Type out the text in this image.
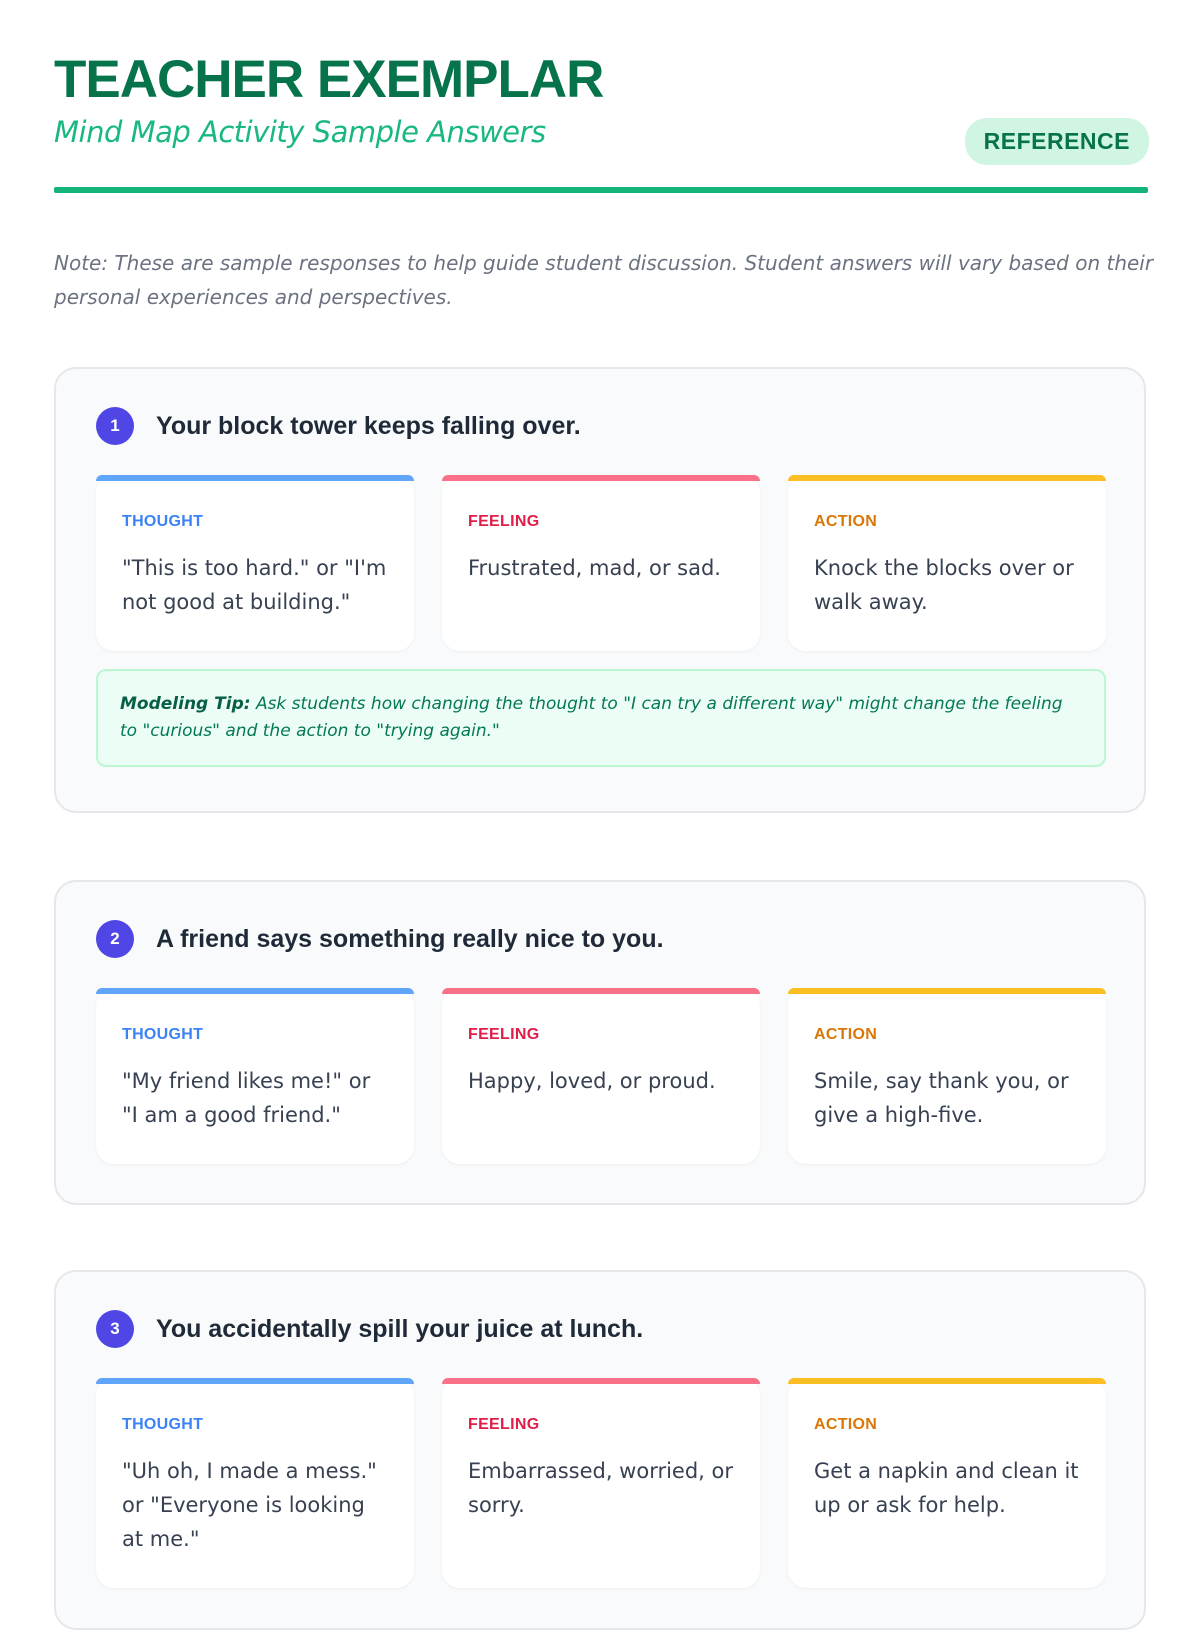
TEACHER EXEMPLAR
Mind Map Activity Sample Answers	REFERENCE
Note: These are sample responses to help guide student discussion. Student answers will vary based on their personal experiences and perspectives.
1	Your block tower keeps falling over.
THOUGHT
"This is too hard." or "I'm not good at building."
FEELING
Frustrated, mad, or sad.
ACTION
Knock the blocks over or walk away.
Modeling Tip: Ask students how changing the thought to "I can try a different way" might change the feeling to "curious" and the action to "trying again."
2	A friend says something really nice to you.
THOUGHT
"My friend likes me!" or "I am a good friend."
FEELING
Happy, loved, or proud.
ACTION
Smile, say thank you, or give a high-five.
3	You accidentally spill your juice at lunch.
THOUGHT
"Uh oh, I made a mess." or "Everyone is looking at me."
FEELING
Embarrassed, worried, or sorry.
ACTION
Get a napkin and clean it up or ask for help.
